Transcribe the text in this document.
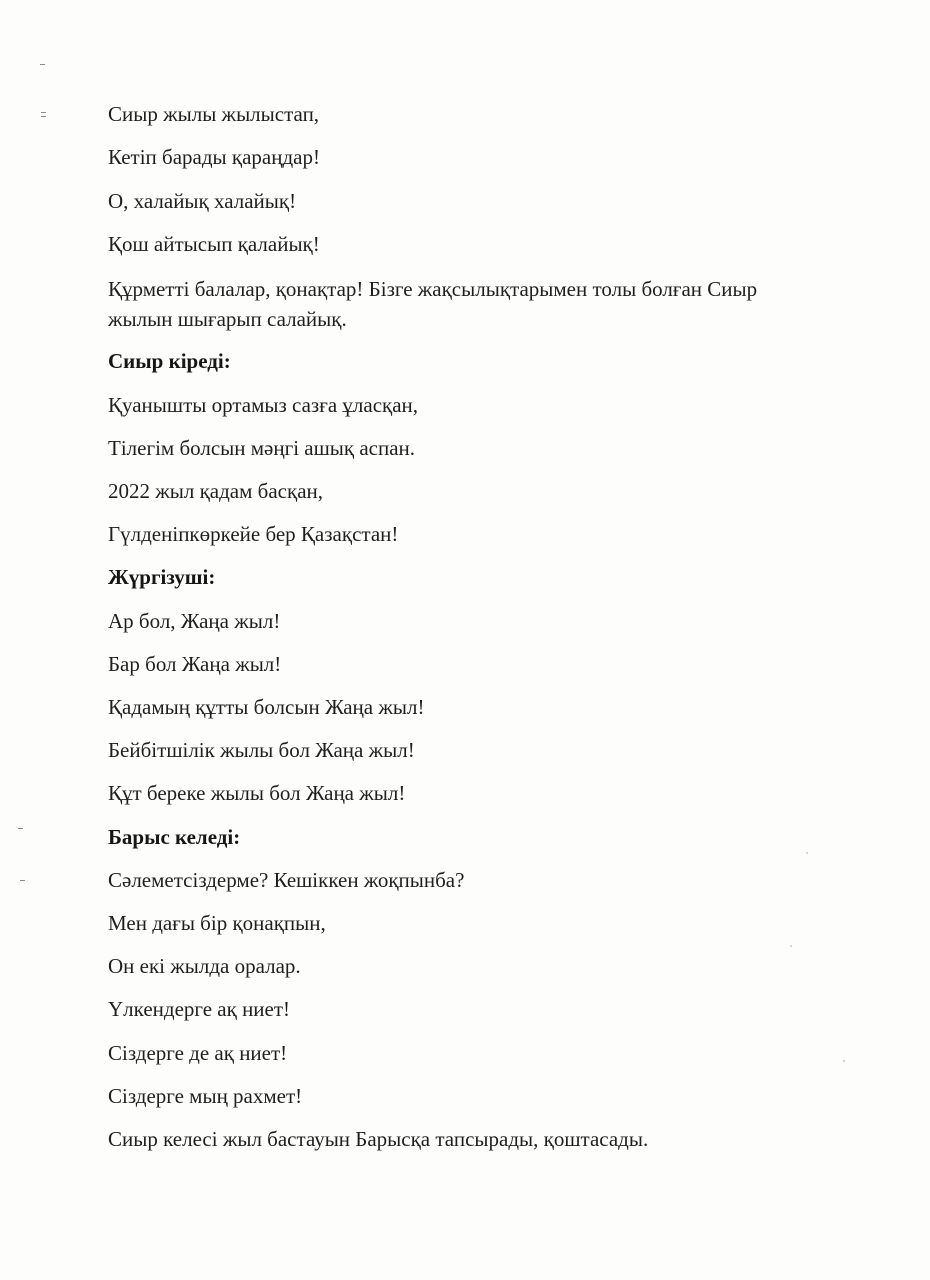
Сиыр жылы жылыстап,
Кетіп барады қараңдар!
О, халайық халайық!
Қош айтысып қалайық!
Құрметті балалар, қонақтар! Бізге жақсылықтарымен толы болған Сиыр жылын шығарып салайық.
Сиыр кіреді:
Қуанышты ортамыз сазға ұласқан,
Тілегім болсын мәңгі ашық аспан.
2022 жыл қадам басқан,
Гүлденіпкөркейе бер Қазақстан!
Жүргізуші:
Ар бол, Жаңа жыл!
Бар бол Жаңа жыл!
Қадамың құтты болсын Жаңа жыл!
Бейбітшілік жылы бол Жаңа жыл!
Құт береке жылы бол Жаңа жыл!
Барыс келеді:
Сәлеметсіздерме? Кешіккен жоқпынба?
Мен дағы бір қонақпын,
Он екі жылда оралар.
Үлкендерге ақ ниет!
Сіздерге де ақ ниет!
Сіздерге мың рахмет!
Сиыр келесі жыл бастауын Барысқа тапсырады, қоштасады.
